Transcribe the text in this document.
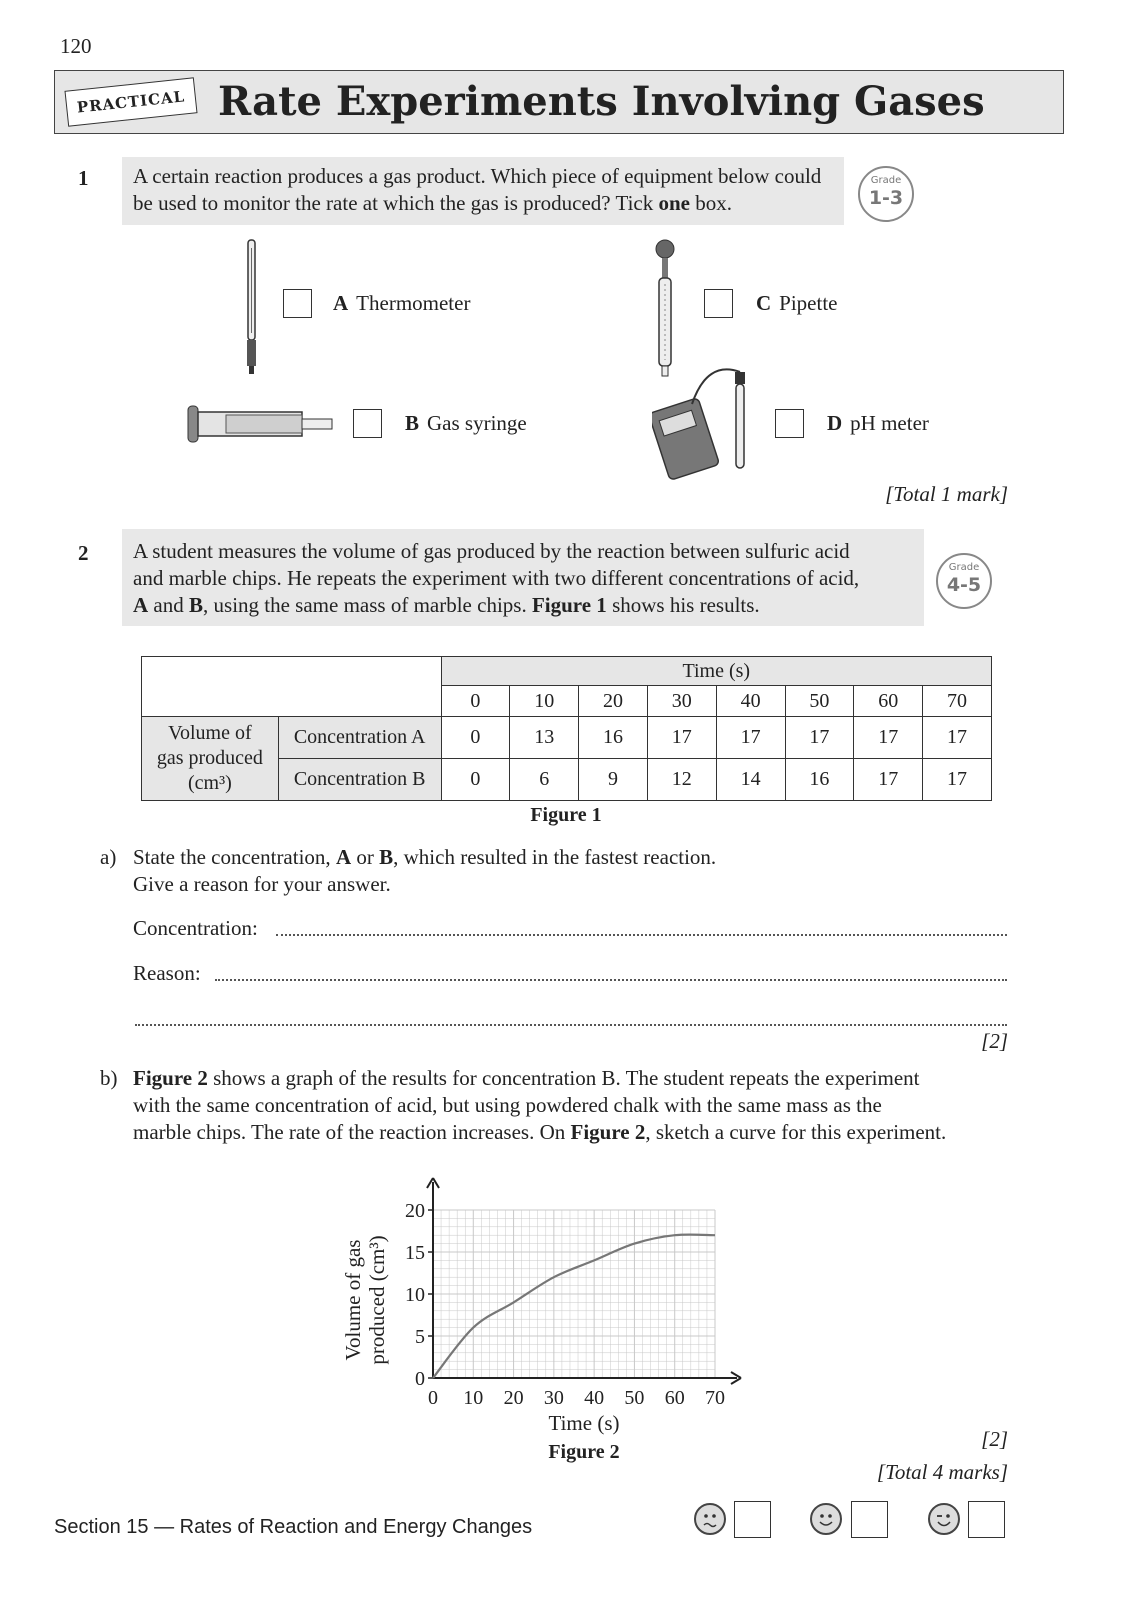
120
PRACTICAL Rate Experiments Involving Gases
1 A certain reaction produces a gas product. Which piece of equipment below could be used to monitor the rate at which the gas is produced? Tick one box.
Grade
1-3
A Thermometer	C Pipette
B Gas syringe	D pH meter
[Total 1 mark]
2 A student measures the volume of gas produced by the reaction between sulfuric acid
and marble chips. He repeats the experiment with two different concentrations of acid,
A and B, using the same mass of marble chips. Figure 1 shows his results.
Grade
4-5
		Time (s)							
		0	10	20	30	40	50	60	70

Volume of
gas produced
(cm³)	Concentration A	0	13	16	17	17	17	17	17
	Concentration B	0	6	9	12	14	16	17	17
Figure 1
a) State the concentration, A or B, which resulted in the fastest reaction.
Give a reason for your answer.
Concentration:
Reason:
[2]
b) Figure 2 shows a graph of the results for concentration B. The student repeats the experiment
with the same concentration of acid, but using powdered chalk with the same mass as the
marble chips. The rate of the reaction increases. On Figure 2, sketch a curve for this experiment.
0 10 20 30 40 50 60 70
0
5
10
15
20
Time (s)
Figure 2
Volume of gas produced (cm³)
[2]
[Total 4 marks]
Section 15 — Rates of Reaction and Energy Changes
